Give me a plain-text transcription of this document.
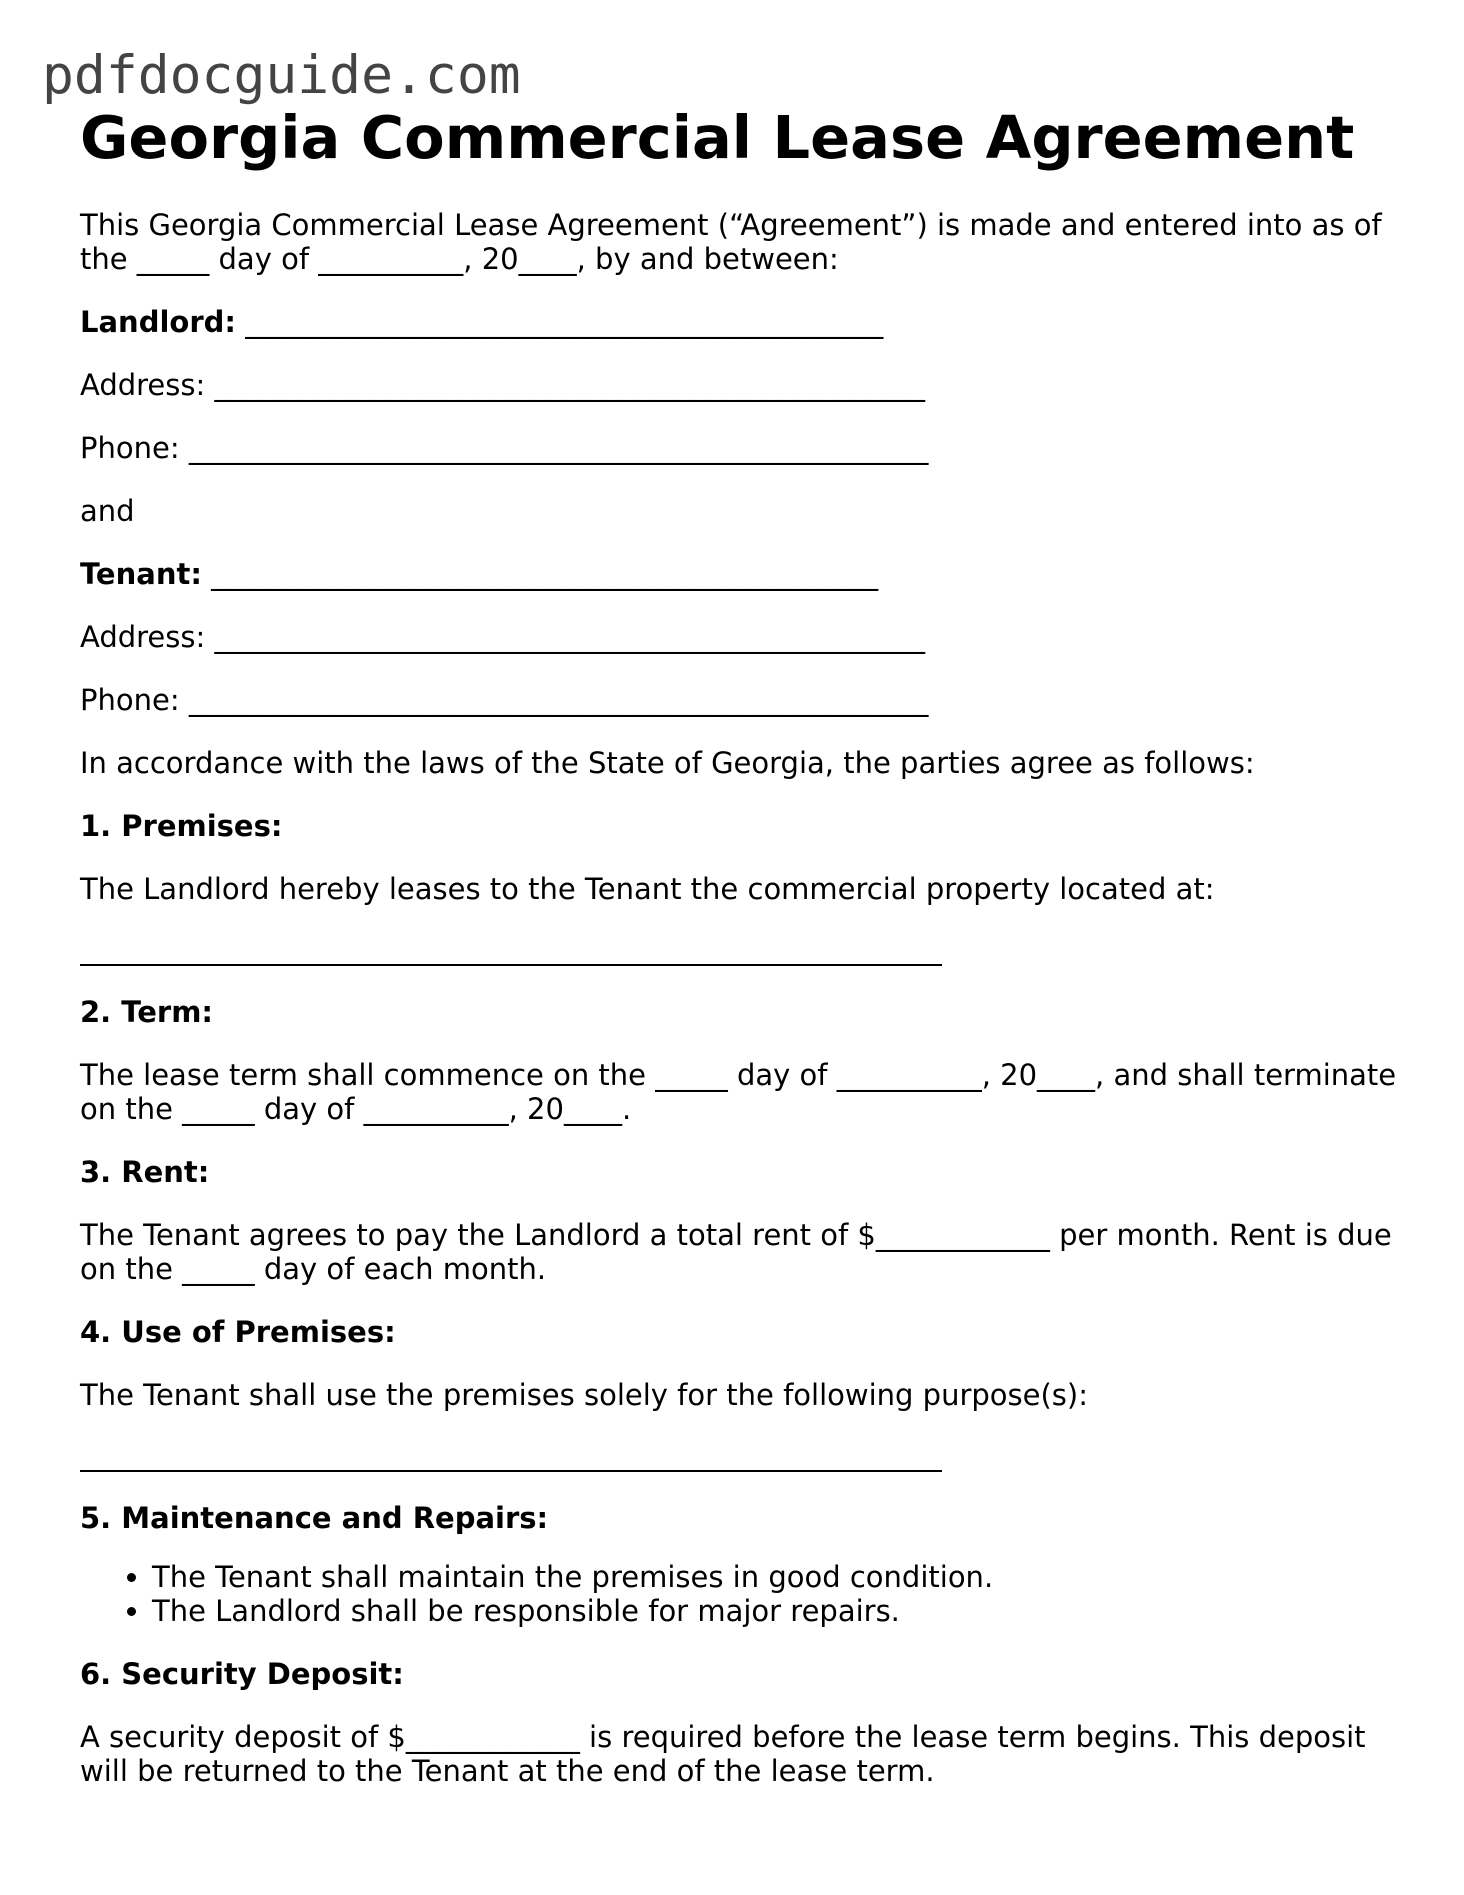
pdfdocguide.com
Georgia Commercial Lease Agreement

This Georgia Commercial Lease Agreement (“Agreement”) is made and entered into as of

the _____ day of __________, 20____, by and between:

Landlord: ____________________________________________

Address: _________________________________________________

Phone: ___________________________________________________

and

Tenant: ______________________________________________

Address: _________________________________________________

Phone: ___________________________________________________

In accordance with the laws of the State of Georgia, the parties agree as follows:

1. Premises:

The Landlord hereby leases to the Tenant the commercial property located at:

2. Term:

The lease term shall commence on the _____ day of __________, 20____, and shall terminate

on the _____ day of __________, 20____.

3. Rent:

The Tenant agrees to pay the Landlord a total rent of $____________ per month. Rent is due

on the _____ day of each month.

4. Use of Premises:

The Tenant shall use the premises solely for the following purpose(s):

5. Maintenance and Repairs:

• The Tenant shall maintain the premises in good condition.
• The Landlord shall be responsible for major repairs.

6. Security Deposit:

A security deposit of $____________ is required before the lease term begins. This deposit

will be returned to the Tenant at the end of the lease term.
